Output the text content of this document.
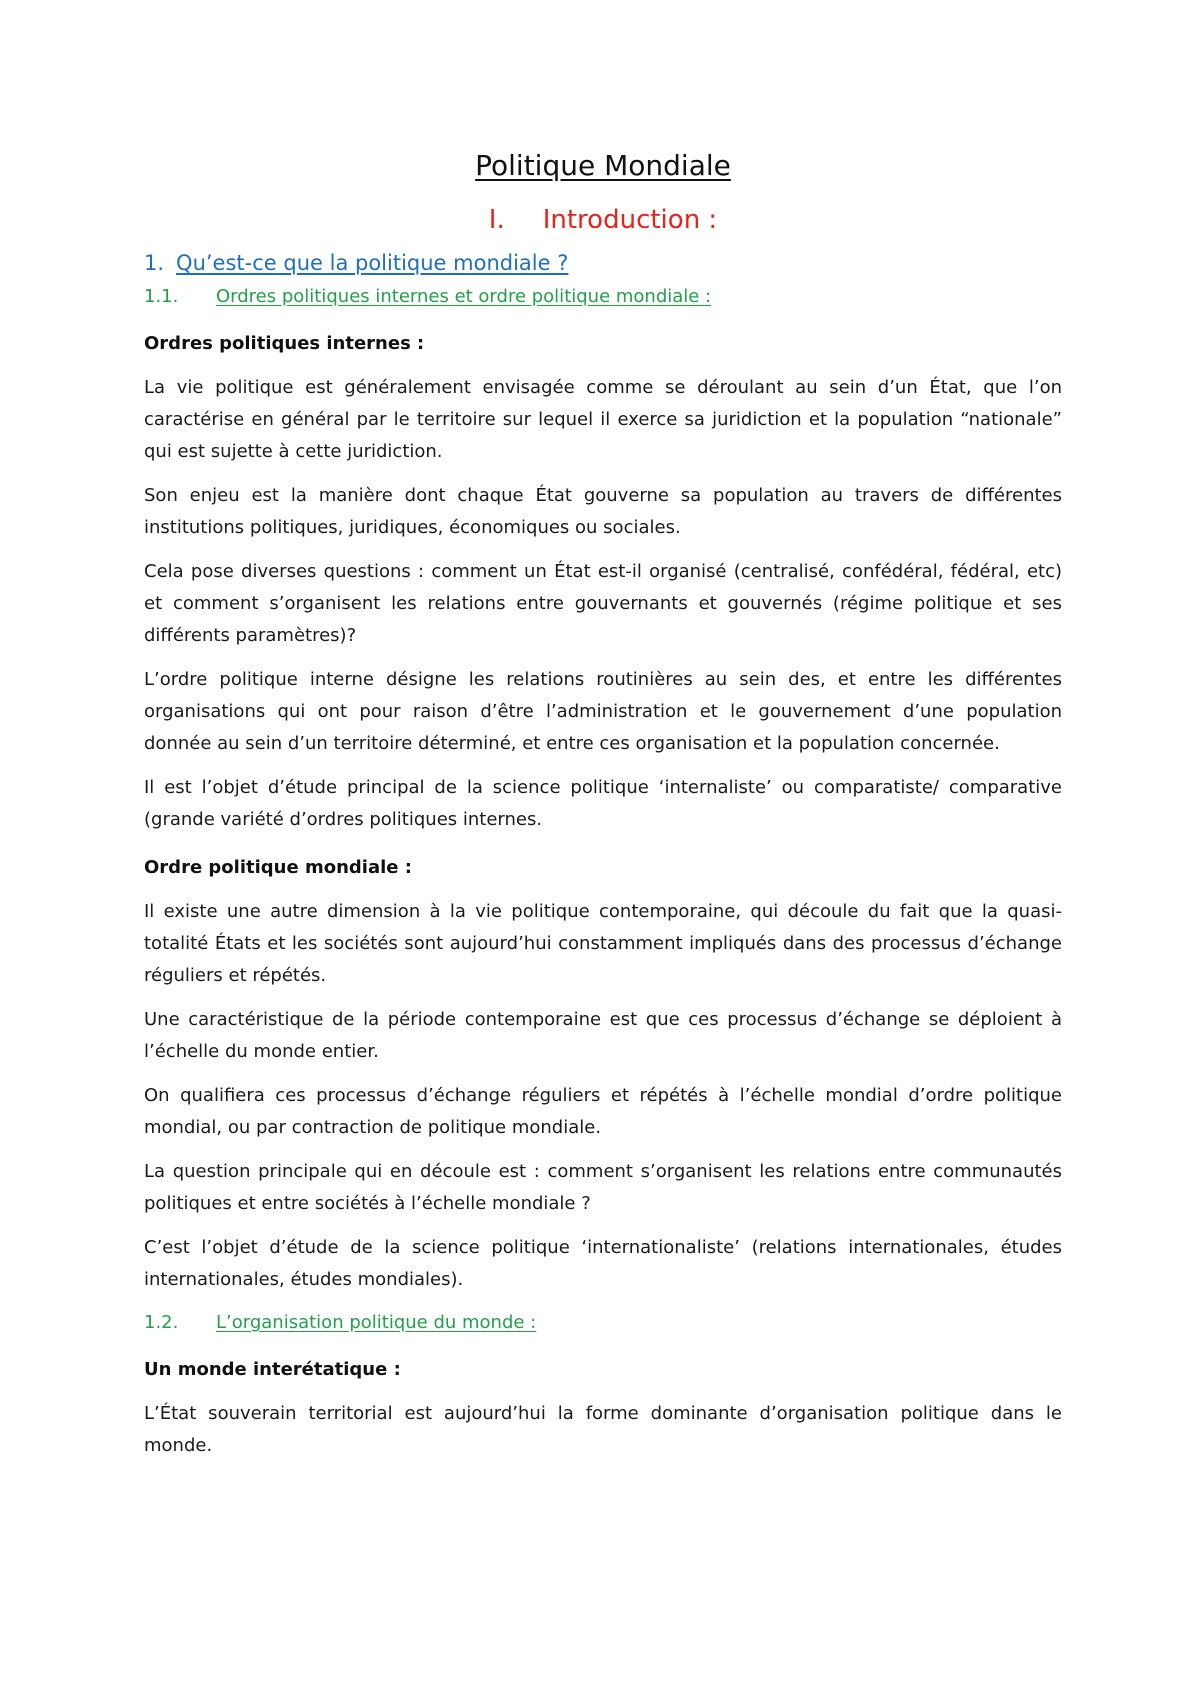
Politique Mondiale
I. Introduction :
1. Qu’est-ce que la politique mondiale ?
1.1. Ordres politiques internes et ordre politique mondiale :
Ordres politiques internes :

La vie politique est généralement envisagée comme se déroulant au sein d’un État, que l’on caractérise en général par le territoire sur lequel il exerce sa juridiction et la population “nationale” qui est sujette à cette juridiction.

Son enjeu est la manière dont chaque État gouverne sa population au travers de différentes institutions politiques, juridiques, économiques ou sociales.

Cela pose diverses questions : comment un État est-il organisé (centralisé, confédéral, fédéral, etc) et comment s’organisent les relations entre gouvernants et gouvernés (régime politique et ses différents paramètres)?

L’ordre politique interne désigne les relations routinières au sein des, et entre les différentes organisations qui ont pour raison d’être l’administration et le gouvernement d’une population donnée au sein d’un territoire déterminé, et entre ces organisation et la population concernée.

Il est l’objet d’étude principal de la science politique ‘internaliste’ ou comparatiste/ comparative (grande variété d’ordres politiques internes.

Ordre politique mondiale :

Il existe une autre dimension à la vie politique contemporaine, qui découle du fait que la quasi-totalité États et les sociétés sont aujourd’hui constamment impliqués dans des processus d’échange réguliers et répétés.

Une caractéristique de la période contemporaine est que ces processus d’échange se déploient à l’échelle du monde entier.

On qualifiera ces processus d’échange réguliers et répétés à l’échelle mondial d’ordre politique mondial, ou par contraction de politique mondiale.

La question principale qui en découle est : comment s’organisent les relations entre communautés politiques et entre sociétés à l’échelle mondiale ?

C’est l’objet d’étude de la science politique ‘internationaliste’ (relations internationales, études internationales, études mondiales).

1.2. L’organisation politique du monde :
Un monde interétatique :

L’État souverain territorial est aujourd’hui la forme dominante d’organisation politique dans le monde.
